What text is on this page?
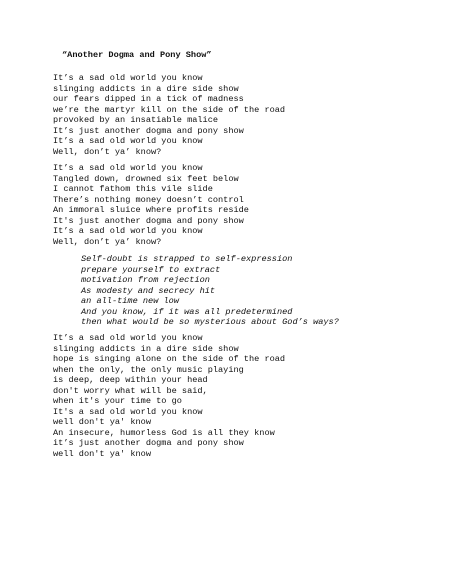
“Another Dogma and Pony Show”
It’s a sad old world you know
slinging addicts in a dire side show
our fears dipped in a tick of madness
we’re the martyr kill on the side of the road
provoked by an insatiable malice
It’s just another dogma and pony show
It’s a sad old world you know
Well, don’t ya’ know?
It’s a sad old world you know
Tangled down, drowned six feet below
I cannot fathom this vile slide
There’s nothing money doesn’t control
An immoral sluice where profits reside
It's just another dogma and pony show
It’s a sad old world you know
Well, don’t ya’ know?
Self-doubt is strapped to self-expression
prepare yourself to extract
motivation from rejection
As modesty and secrecy hit
an all-time new low
And you know, if it was all predetermined
then what would be so mysterious about God’s ways?
It’s a sad old world you know
slinging addicts in a dire side show
hope is singing alone on the side of the road
when the only, the only music playing
is deep, deep within your head
don't worry what will be said,
when it's your time to go
It's a sad old world you know
well don't ya' know
An insecure, humorless God is all they know
it’s just another dogma and pony show
well don't ya' know
